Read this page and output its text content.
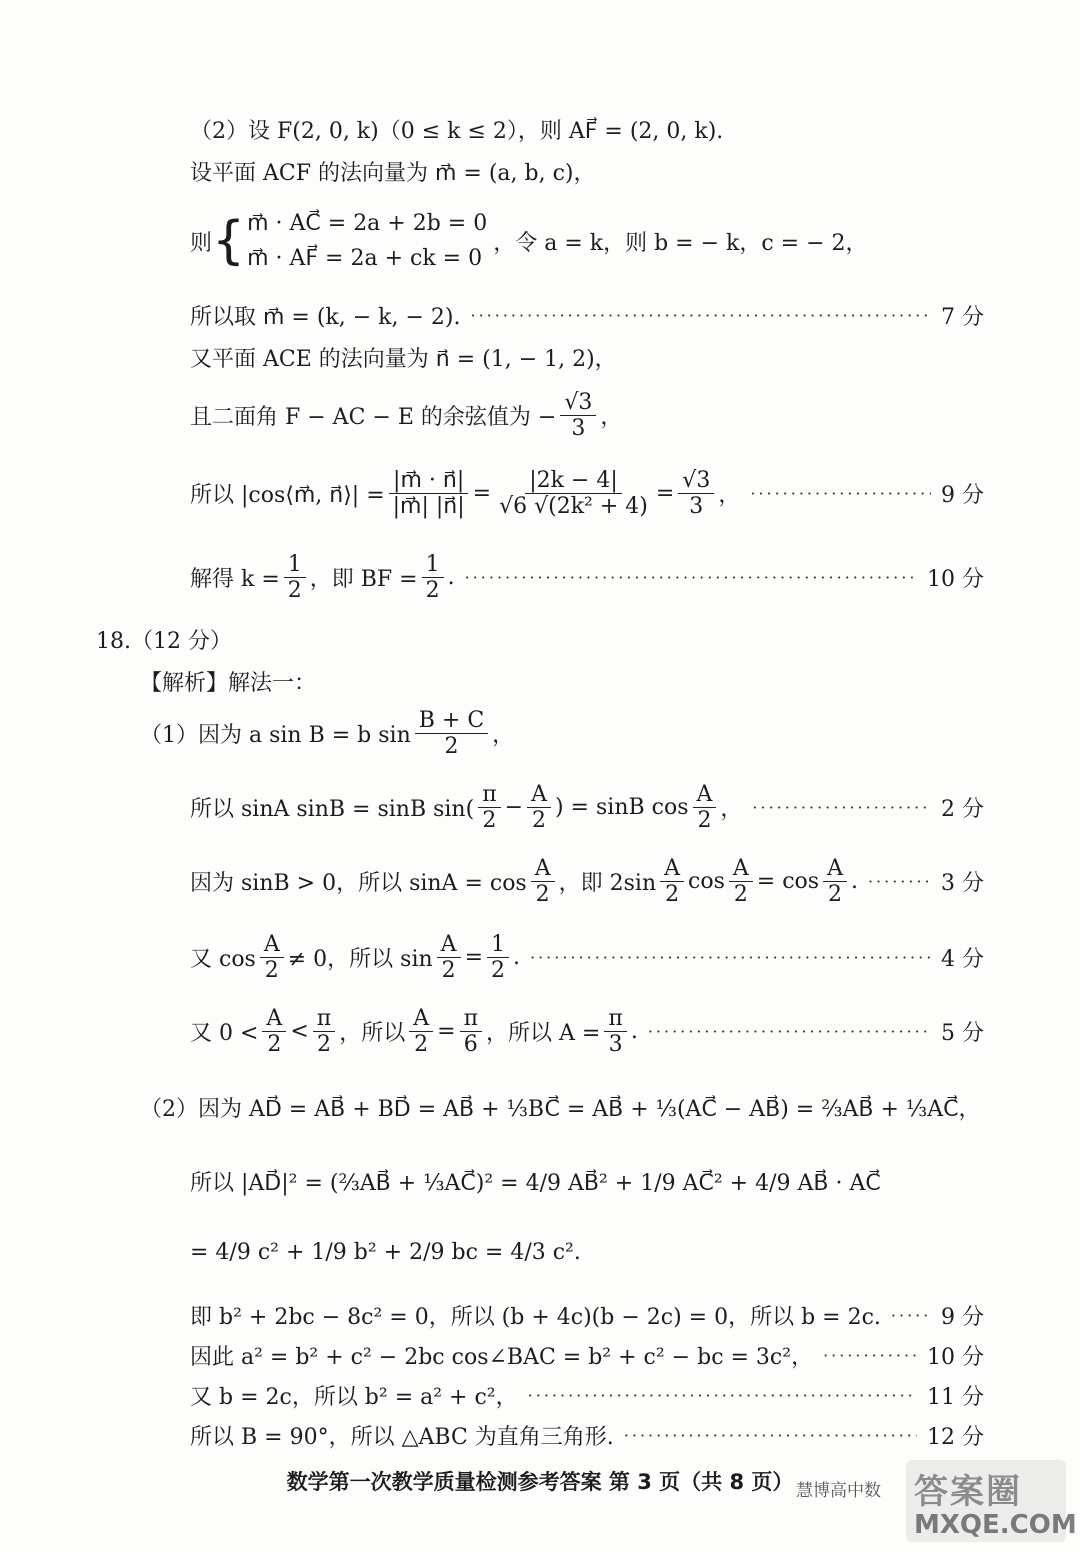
（2）设 F(2, 0, k)（0 ≤ k ≤ 2），则 AF⃗ = (2, 0, k).
设平面 ACF 的法向量为 m⃗ = (a, b, c)，
则 { m⃗ · AC⃗ = 2a + 2b = 0
m⃗ · AF⃗ = 2a + ck = 0
，令 a = k，则 b = − k，c = − 2，
所以取 m⃗ = (k, − k, − 2). ·····	7 分
又平面 ACE 的法向量为 n⃗ = (1, − 1, 2)，
且二面角 F − AC − E 的余弦值为 − $\frac{√3}{3}$ ，
所以 |cos⟨m⃗, n⃗⟩| = $\frac{|m⃗ \cdot n⃗|}{|m⃗| |n⃗|} = \frac{|2k - 4|}{\text{√6 √(2k² + 4)}} = \frac{√3}{3}$ ， ·····	9 分
解得 $k = \frac{1}{2}$ ，即 BF = $\frac{1}{2}$ . ·····	10 分
18.（12 分）
【解析】解法一：
（1）因为 a sin B = b $\sin \frac{B + C}{2}$ ，
所以 sinA sinB = sinB $\sin( \frac{\pi}{2} - \frac{A}{2}$ ) = sinB $\cos \frac{A}{2}$ ， ·····	2 分
因为 sinB > 0，所以 $\sin A = \cos \frac{A}{2}$ ，即 $2\sin \frac{A}{2}$ $\cos \frac{A}{2} = \cos \frac{A}{2}$ . ·····	3 分
又 $\cos \frac{A}{2} \ne 0$，所以 $\sin \frac{A}{2} = \frac{1}{2}$ . ·····	4 分
又 $0 < \frac{A}{2} < \frac{\pi}{2}$ ，所以 $\frac{A}{2} = \frac{\pi}{6}$ ，所以 $A = \frac{\pi}{3}$ . ·····	5 分
（2）因为 AD⃗ = AB⃗ + BD⃗ = AB⃗ + ⅓BC⃗ = AB⃗ + ⅓(AC⃗ − AB⃗) = ⅔AB⃗ + ⅓AC⃗，
所以 |AD⃗|² = (⅔AB⃗ + ⅓AC⃗)² = 4/9 AB⃗² + 1/9 AC⃗² + 4/9 AB⃗ · AC⃗
= 4/9 c² + 1/9 b² + 2/9 bc = 4/3 c².
即 b² + 2bc − 8c² = 0，所以 (b + 4c)(b − 2c) = 0，所以 b = 2c. ·····	9 分
因此 a² = b² + c² − 2bc cos∠BAC = b² + c² − bc = 3c²， ·····	10 分
又 b = 2c，所以 b² = a² + c²， ·····	11 分
所以 B = 90°，所以 △ABC 为直角三角形. ·····	12 分
数学第一次教学质量检测参考答案 第 3 页（共 8 页） 慧博高中数 答案圈
MXQE.COM
